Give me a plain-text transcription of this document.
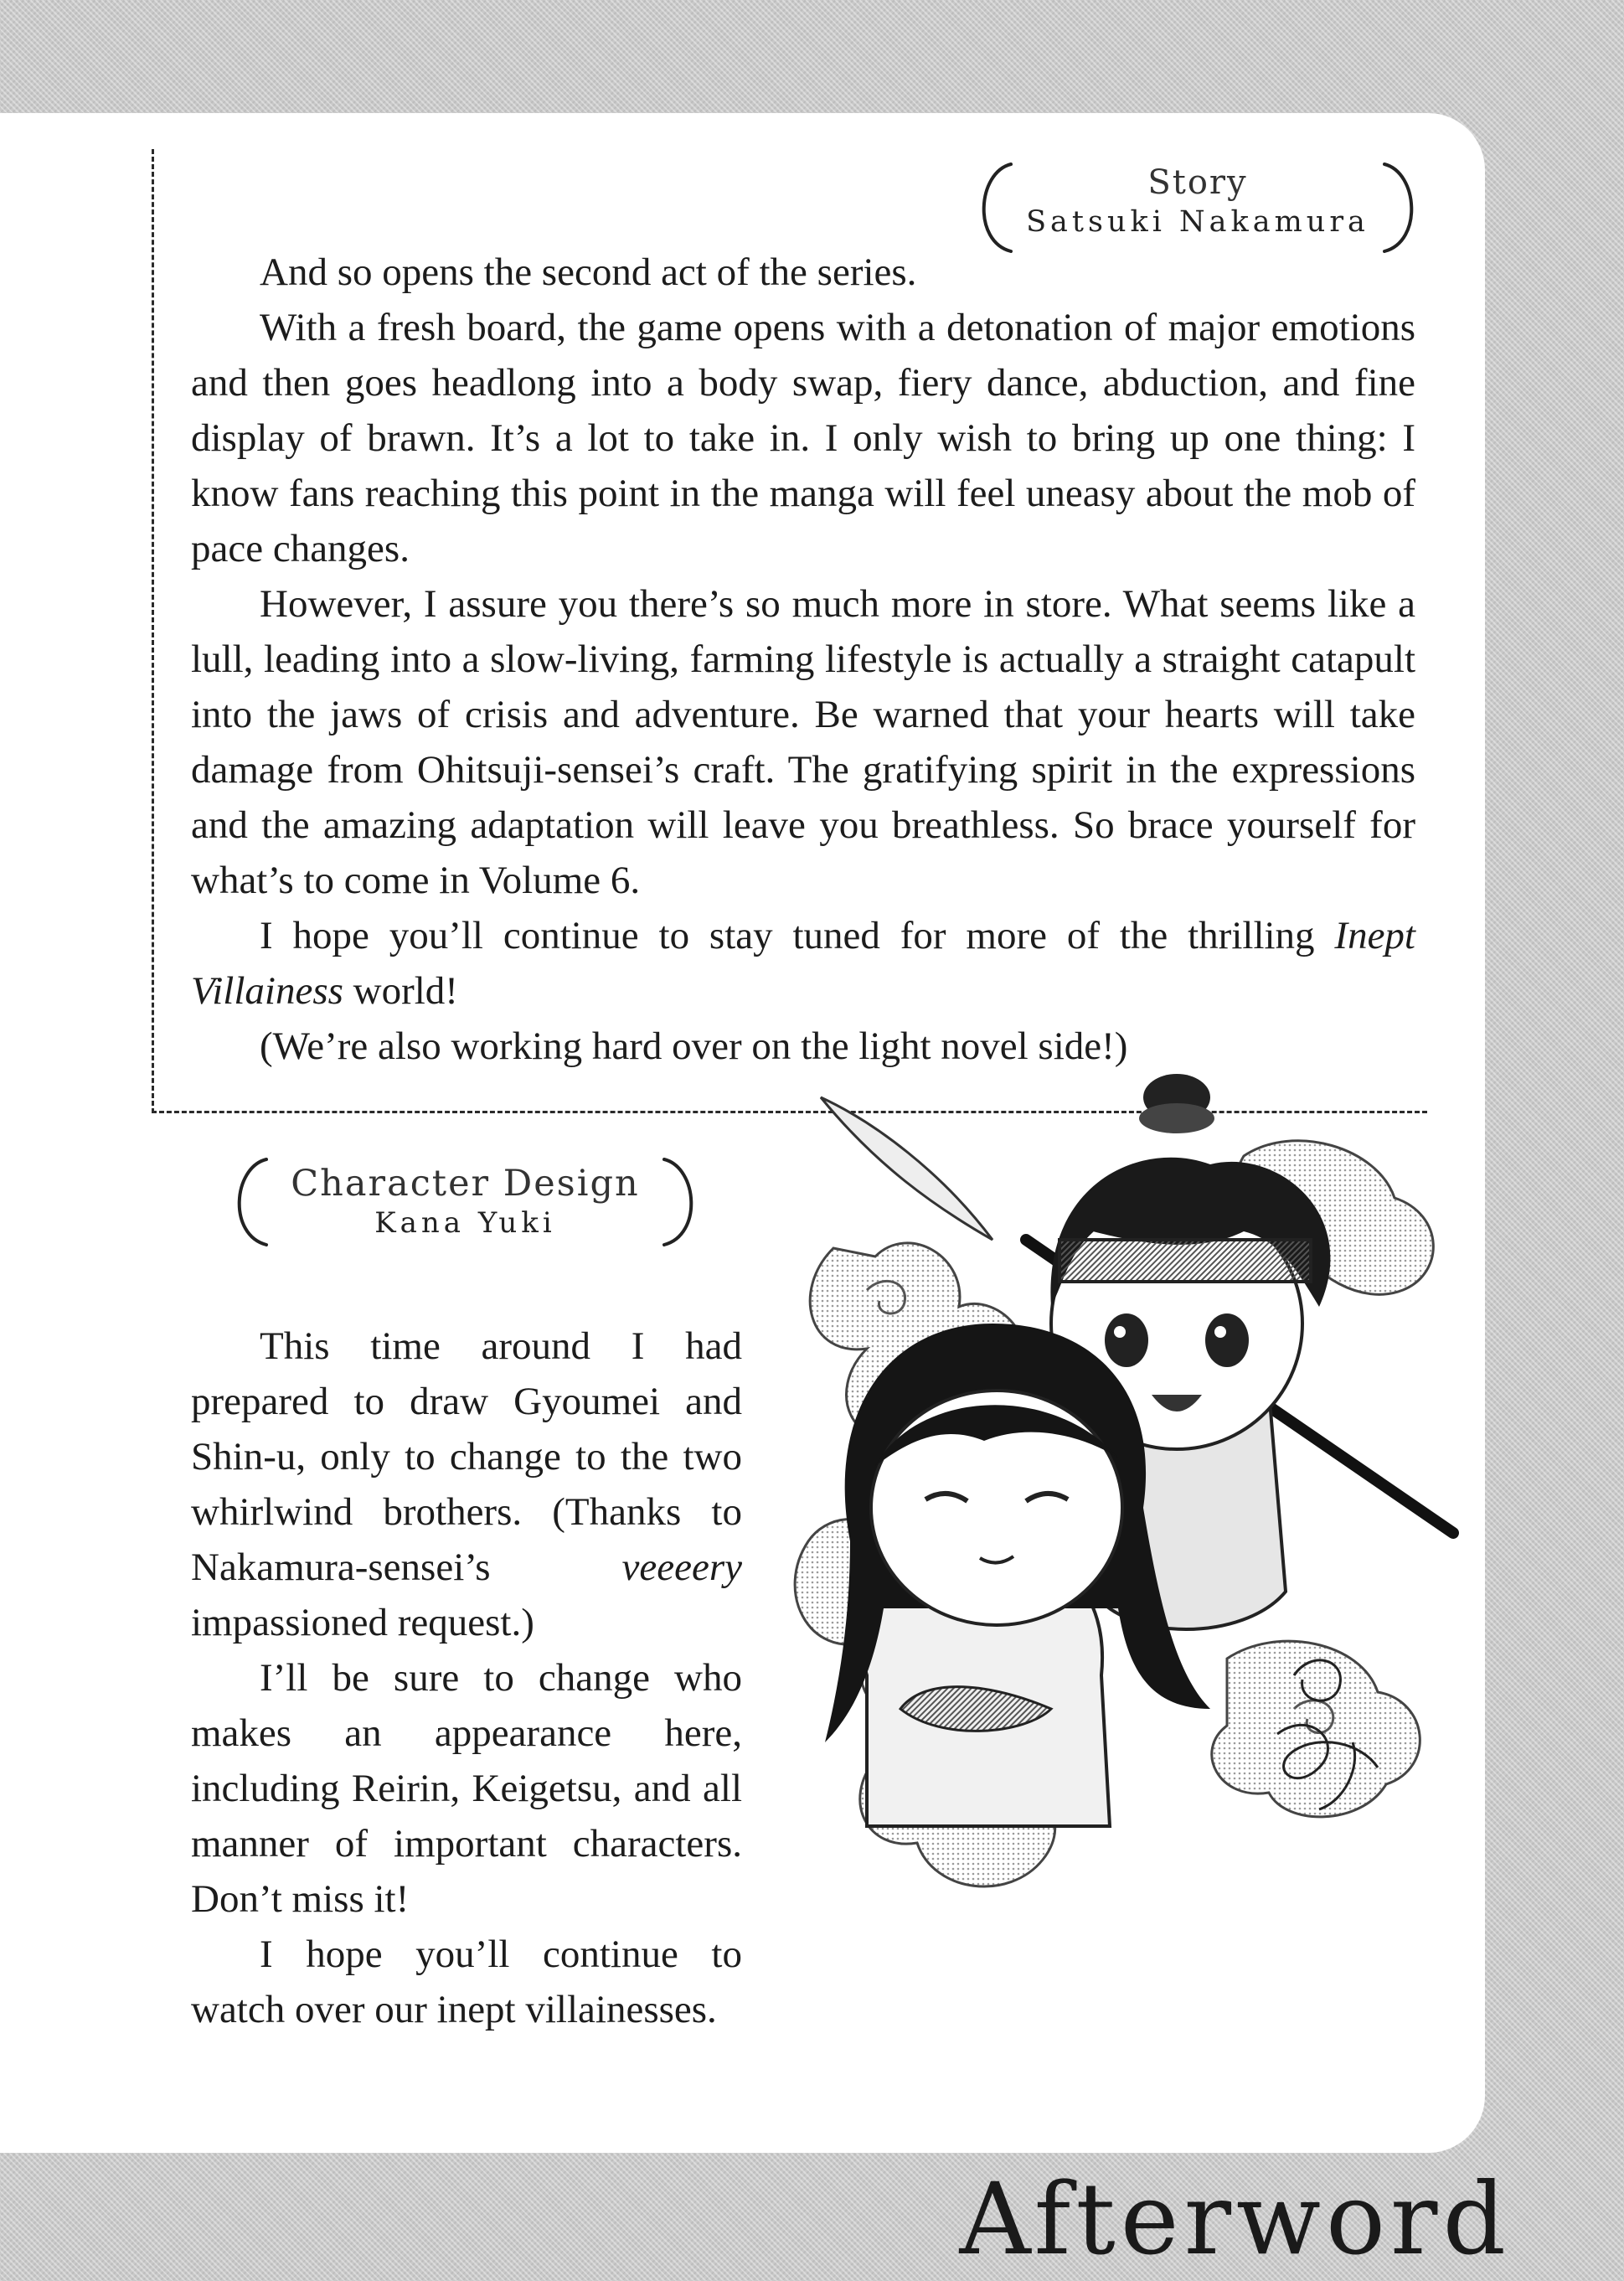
Story
Satsuki Nakamura

And so opens the second act of the series.

With a fresh board, the game opens with a detonation of major emotions and then goes headlong into a body swap, fiery dance, abduction, and fine display of brawn. It’s a lot to take in. I only wish to bring up one thing: I know fans reaching this point in the manga will feel uneasy about the mob of pace changes.

However, I assure you there’s so much more in store. What seems like a lull, leading into a slow-living, farming lifestyle is actually a straight catapult into the jaws of crisis and adventure. Be warned that your hearts will take damage from Ohitsuji-sensei’s craft. The gratifying spirit in the expressions and the amazing adaptation will leave you breathless. So brace yourself for what’s to come in Volume 6.

I hope you’ll continue to stay tuned for more of the thrilling Inept Villainess world!

(We’re also working hard over on the light novel side!)

Character Design
Kana Yuki

This time around I had prepared to draw Gyoumei and Shin-u, only to change to the two whirlwind brothers. (Thanks to Nakamura-sensei’s veeeery impassioned request.)

I’ll be sure to change who makes an appearance here, including Reirin, Keigetsu, and all manner of important characters. Don’t miss it!

I hope you’ll continue to watch over our inept villainesses.

Afterword
